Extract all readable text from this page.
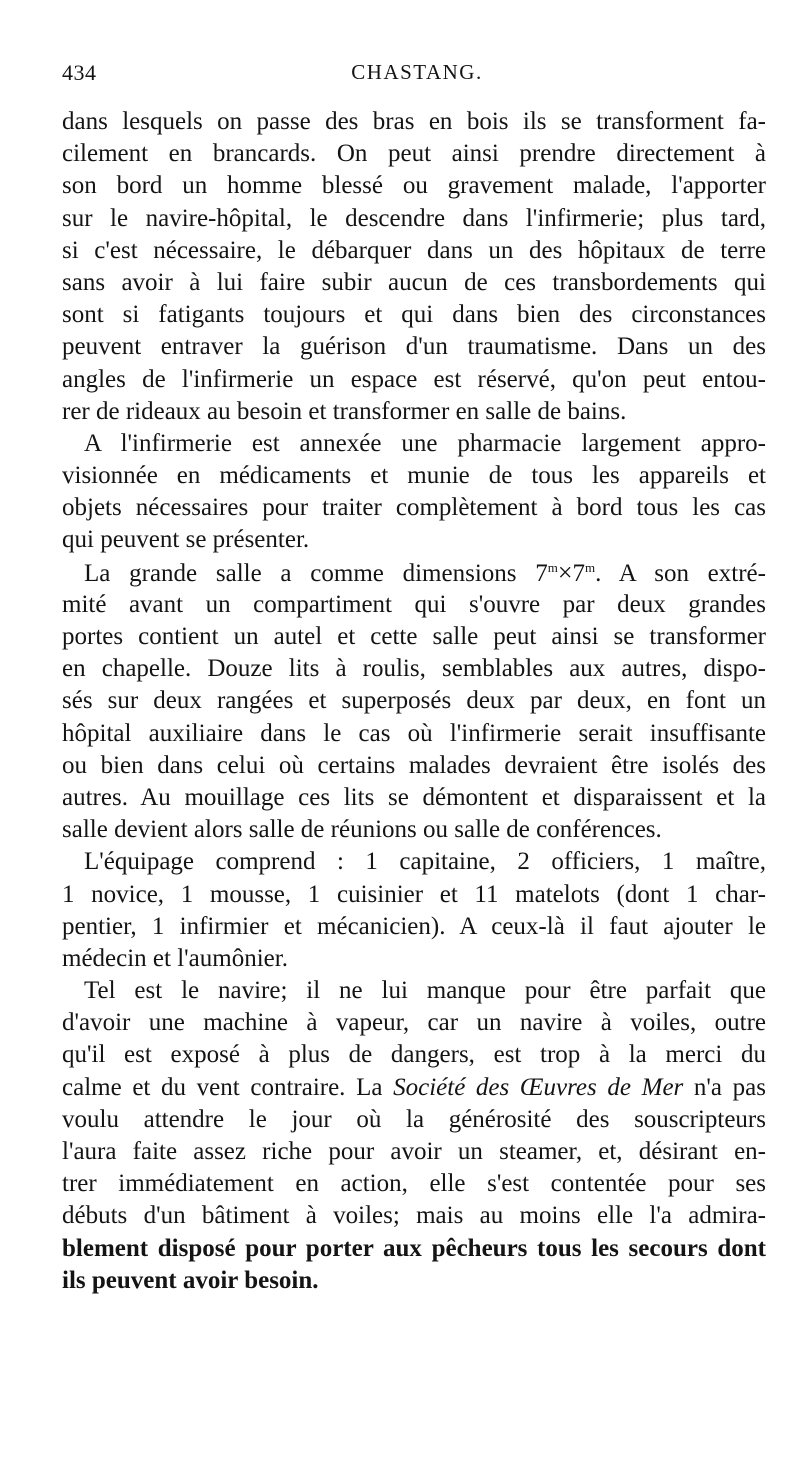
434	CHASTANG.
dans lesquels on passe des bras en bois ils se transforment fa-
cilement en brancards. On peut ainsi prendre directement à
son bord un homme blessé ou gravement malade, l'apporter
sur le navire-hôpital, le descendre dans l'infirmerie; plus tard,
si c'est nécessaire, le débarquer dans un des hôpitaux de terre
sans avoir à lui faire subir aucun de ces transbordements qui
sont si fatigants toujours et qui dans bien des circonstances
peuvent entraver la guérison d'un traumatisme. Dans un des
angles de l'infirmerie un espace est réservé, qu'on peut entou-
rer de rideaux au besoin et transformer en salle de bains.
A l'infirmerie est annexée une pharmacie largement appro-
visionnée en médicaments et munie de tous les appareils et
objets nécessaires pour traiter complètement à bord tous les cas
qui peuvent se présenter.
La grande salle a comme dimensions $7^m\times 7^m$. A son extré-
mité avant un compartiment qui s'ouvre par deux grandes
portes contient un autel et cette salle peut ainsi se transformer
en chapelle. Douze lits à roulis, semblables aux autres, dispo-
sés sur deux rangées et superposés deux par deux, en font un
hôpital auxiliaire dans le cas où l'infirmerie serait insuffisante
ou bien dans celui où certains malades devraient être isolés des
autres. Au mouillage ces lits se démontent et disparaissent et la
salle devient alors salle de réunions ou salle de conférences.
L'équipage comprend : 1 capitaine, 2 officiers, 1 maître,
1 novice, 1 mousse, 1 cuisinier et 11 matelots (dont 1 char-
pentier, 1 infirmier et mécanicien). A ceux-là il faut ajouter le
médecin et l'aumônier.
Tel est le navire; il ne lui manque pour être parfait que
d'avoir une machine à vapeur, car un navire à voiles, outre
qu'il est exposé à plus de dangers, est trop à la merci du
calme et du vent contraire. La Société des Œuvres de Mer n'a pas
voulu attendre le jour où la générosité des souscripteurs
l'aura faite assez riche pour avoir un steamer, et, désirant en-
trer immédiatement en action, elle s'est contentée pour ses
débuts d'un bâtiment à voiles; mais au moins elle l'a admira-
blement disposé pour porter aux pêcheurs tous les secours dont
ils peuvent avoir besoin.
